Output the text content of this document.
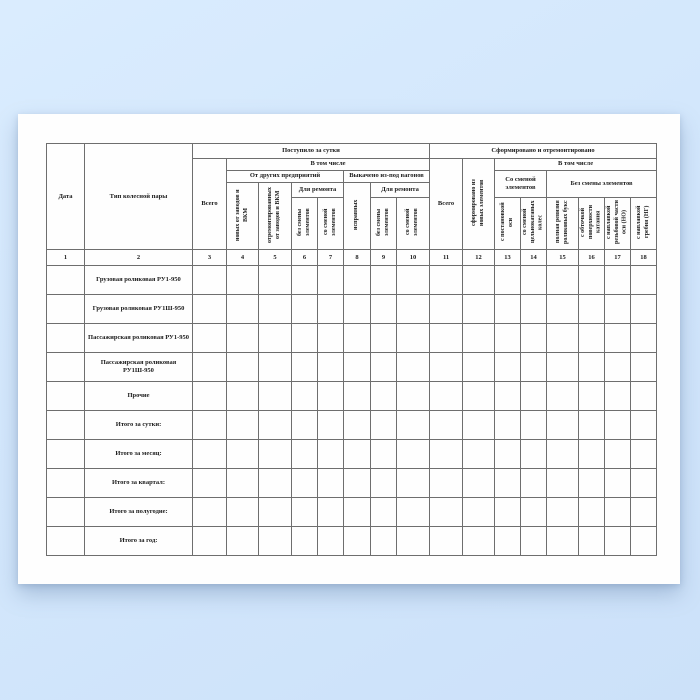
Дата	Тип колесной пары	Поступило за сутки								Сформировано и отремонтировано							
		Всего	В том числе							Всего	сформировано из новых элементов	В том числе					
			От других предприятий				Выкачено из-под вагонов					Со сменой элементов		Без смены элементов			
			новых от заводов и ВКМ	отремонтированных от заводов и ВКМ	Для ремонта		исправных	Для ремонта									
					без смены элементов	со сменой элементов		без смены элементов	со сменой элементов			с постановкой оси	со сменой цельнокатаных колес	полная ревизия роликовых букс	с обточкой поверхности катания	с наплавкой резьбовой части оси (НО)	с наплавкой гребня (НГ)
1	2	3	4	5	6	7	8	9	10	11	12	13	14	15	16	17	18
	Грузовая роликовая РУ1-950																
	Грузовая роликовая РУ1Ш-950																
	Пассажирская роликовая РУ1-950																
	Пассажирская роликовая РУ1Ш-950																
	Прочие																
	Итого за сутки:																
	Итого за месяц:																
	Итого за квартал:																
	Итого за полугодие:																
	Итого за год:																
